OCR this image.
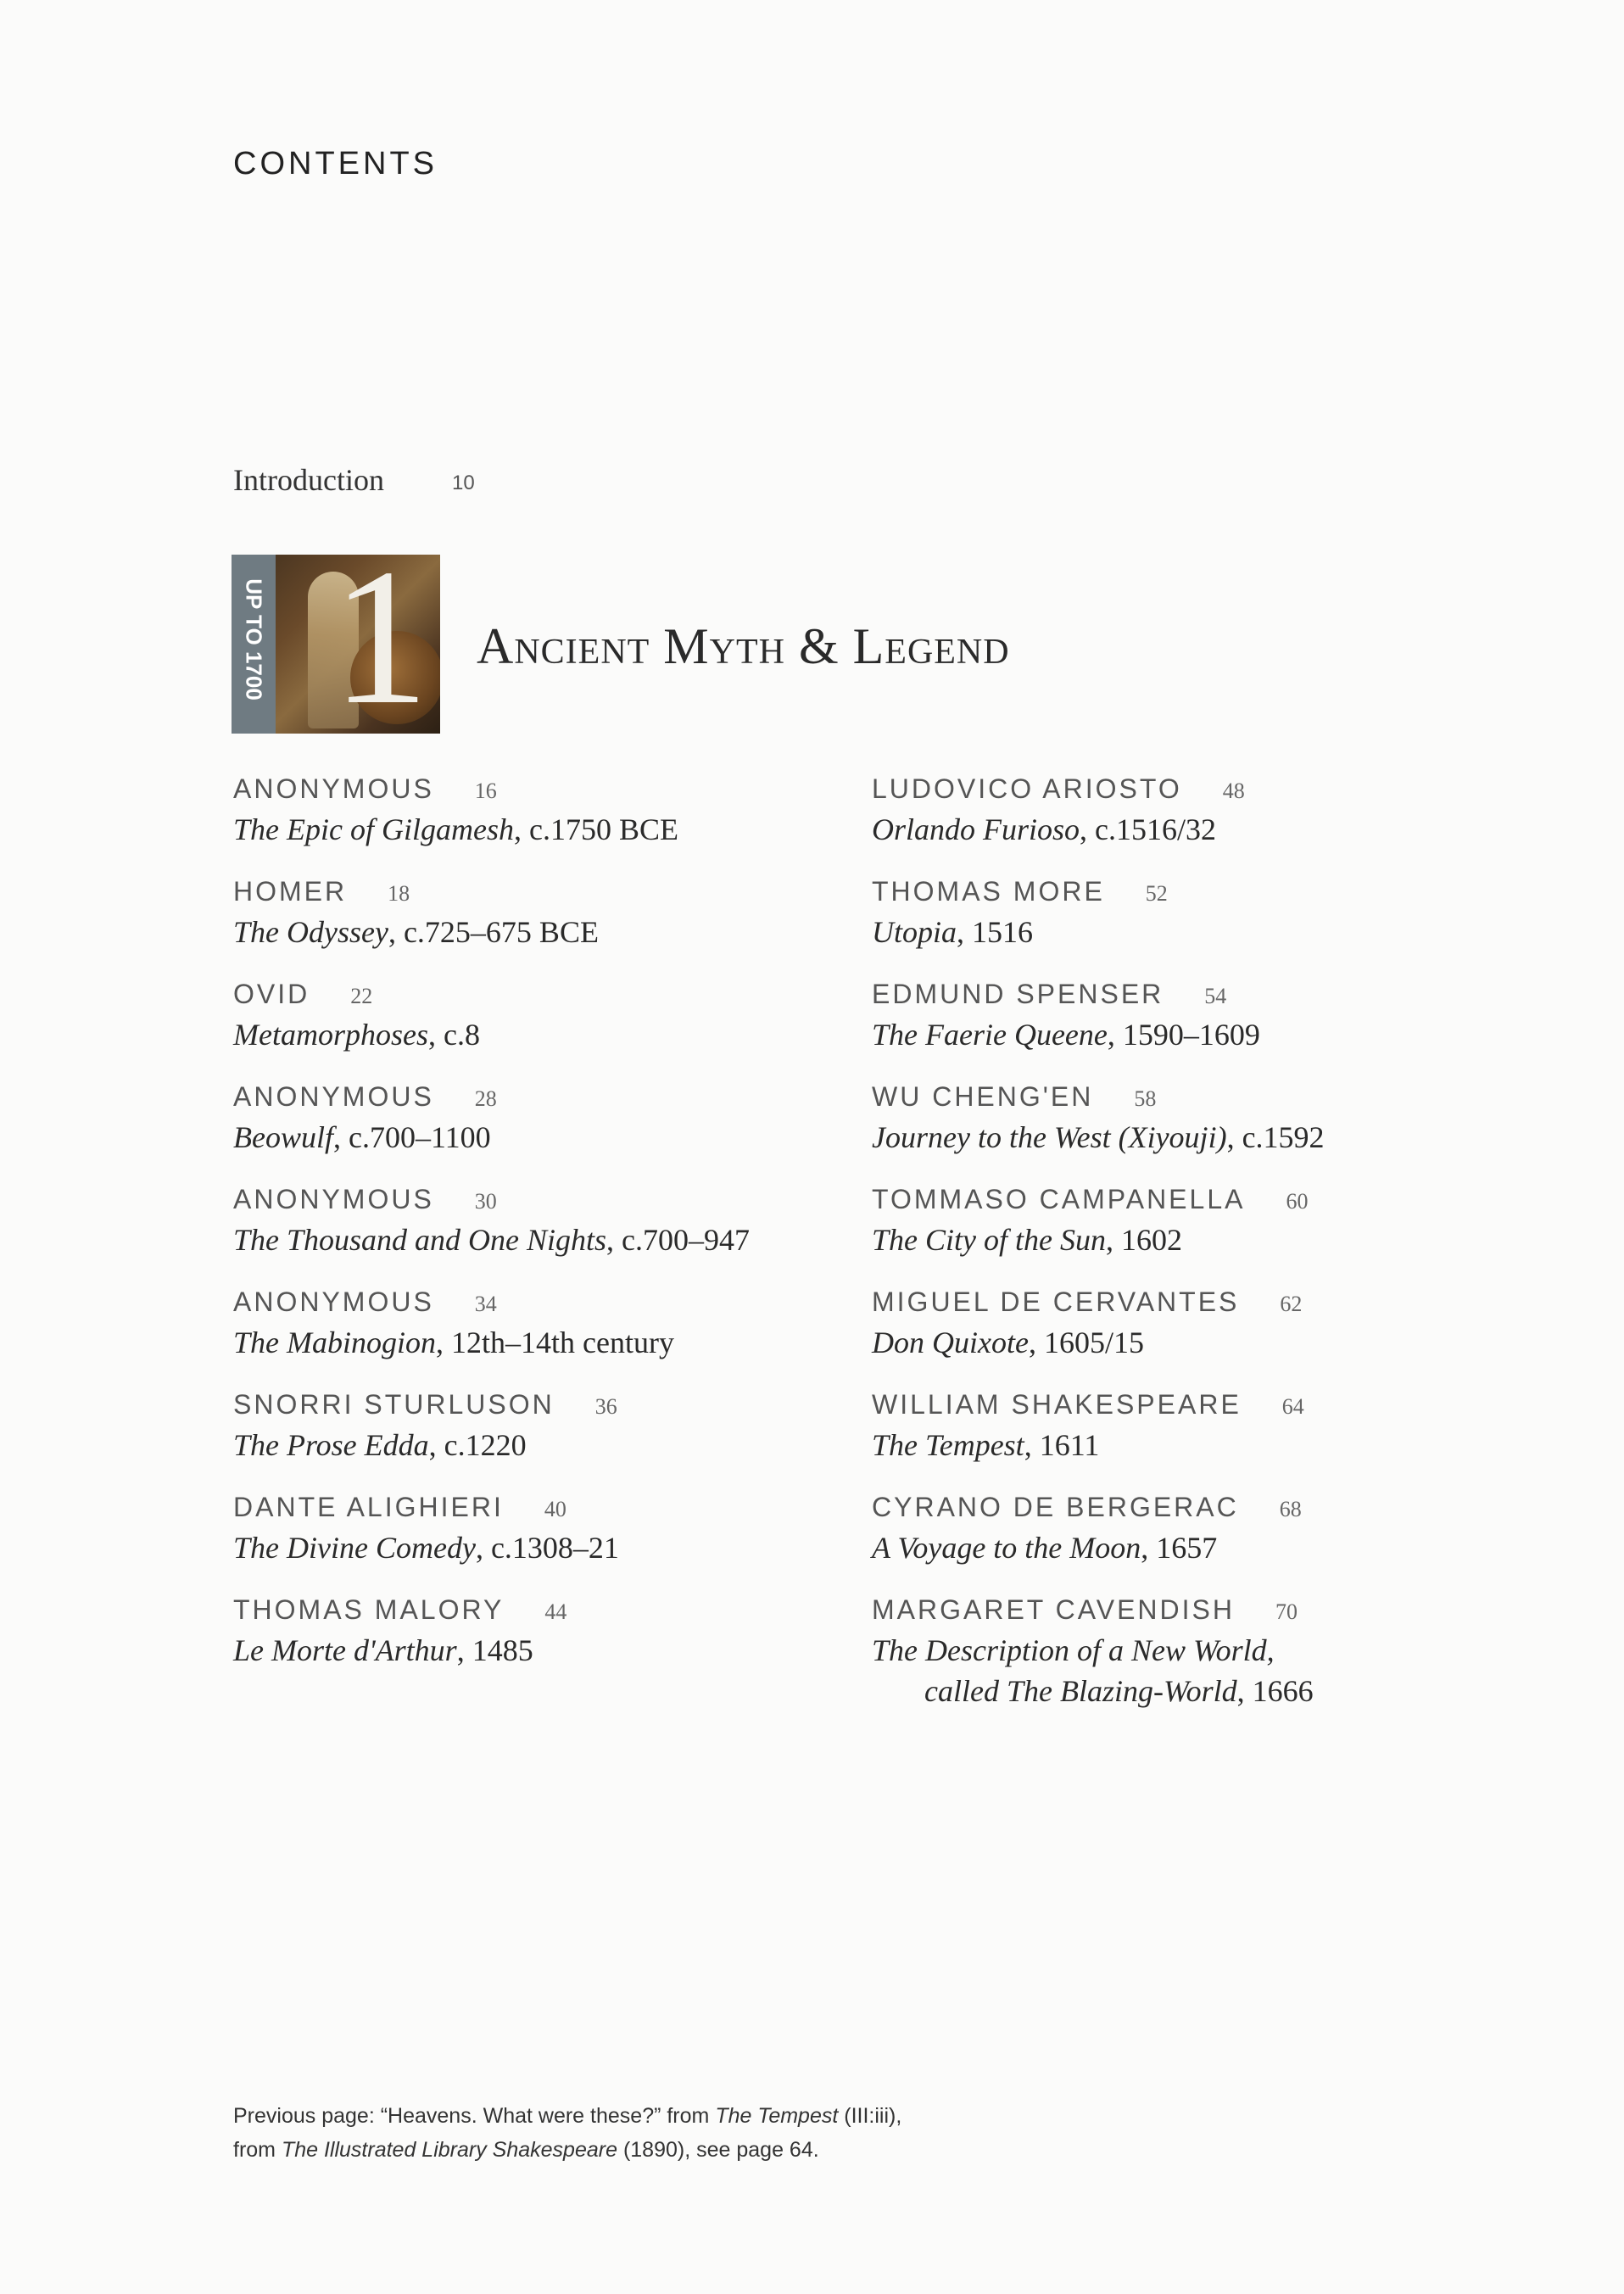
CONTENTS
Introduction	10
UP TO 1700 1 Ancient Myth & Legend
ANONYMOUS 16
The Epic of Gilgamesh, c.1750 BCE
HOMER 18
The Odyssey, c.725–675 BCE
OVID 22
Metamorphoses, c.8
ANONYMOUS 28
Beowulf, c.700–1100
ANONYMOUS 30
The Thousand and One Nights, c.700–947
ANONYMOUS 34
The Mabinogion, 12th–14th century
SNORRI STURLUSON 36
The Prose Edda, c.1220
DANTE ALIGHIERI 40
The Divine Comedy, c.1308–21
THOMAS MALORY 44
Le Morte d'Arthur, 1485
LUDOVICO ARIOSTO 48
Orlando Furioso, c.1516/32
THOMAS MORE 52
Utopia, 1516
EDMUND SPENSER 54
The Faerie Queene, 1590–1609
WU CHENG'EN 58
Journey to the West (Xiyouji), c.1592
TOMMASO CAMPANELLA 60
The City of the Sun, 1602
MIGUEL DE CERVANTES 62
Don Quixote, 1605/15
WILLIAM SHAKESPEARE 64
The Tempest, 1611
CYRANO DE BERGERAC 68
A Voyage to the Moon, 1657
MARGARET CAVENDISH 70
The Description of a New World,
called The Blazing-World, 1666
Previous page: “Heavens. What were these?” from The Tempest (III:iii),
from The Illustrated Library Shakespeare (1890), see page 64.
